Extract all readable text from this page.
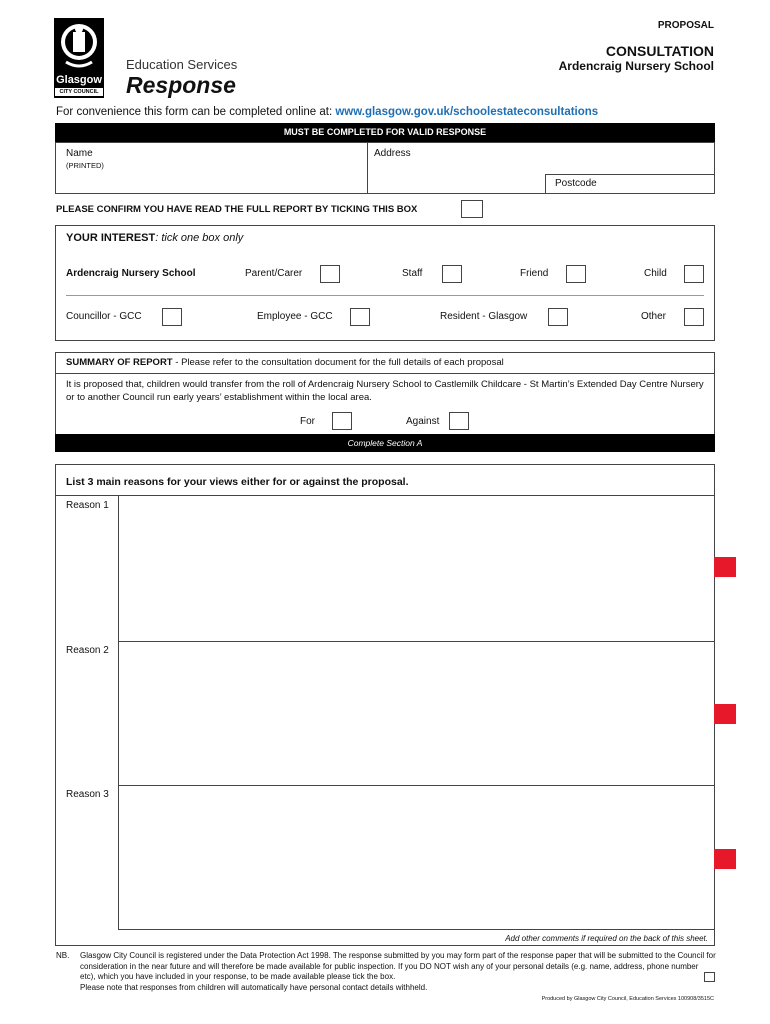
Glasgow
CITY COUNCIL
Education Services
Response
PROPOSAL
CONSULTATION
Ardencraig Nursery School
For convenience this form can be completed online at: www.glasgow.gov.uk/schoolestateconsultations
MUST BE COMPLETED FOR VALID RESPONSE
Name
(PRINTED)
Address
Postcode
PLEASE CONFIRM YOU HAVE READ THE FULL REPORT BY TICKING THIS BOX
YOUR INTEREST: tick one box only
Ardencraig Nursery School	Parent/Carer	Staff	Friend	Child
Councillor - GCC	Employee - GCC	Resident - Glasgow	Other
SUMMARY OF REPORT - Please refer to the consultation document for the full details of each proposal
It is proposed that, children would transfer from the roll of Ardencraig Nursery School to Castlemilk Childcare - St Martin’s Extended Day Centre Nursery or to another Council run early years’ establishment within the local area.
For	Against
Complete Section A
List 3 main reasons for your views either for or against the proposal.
Reason 1
Reason 2
Reason 3
Add other comments if required on the back of this sheet.
NB. Glasgow City Council is registered under the Data Protection Act 1998. The response submitted by you may form part of the response paper that will be submitted to the Council for consideration in the near future and will therefore be made available for public inspection. If you DO NOT wish any of your personal details (e.g. name, address, phone number etc), which you have included in your response, to be made available please tick the box.
Please note that responses from children will automatically have personal contact details withheld.
Produced by Glasgow City Council, Education Services 100908/3515C
